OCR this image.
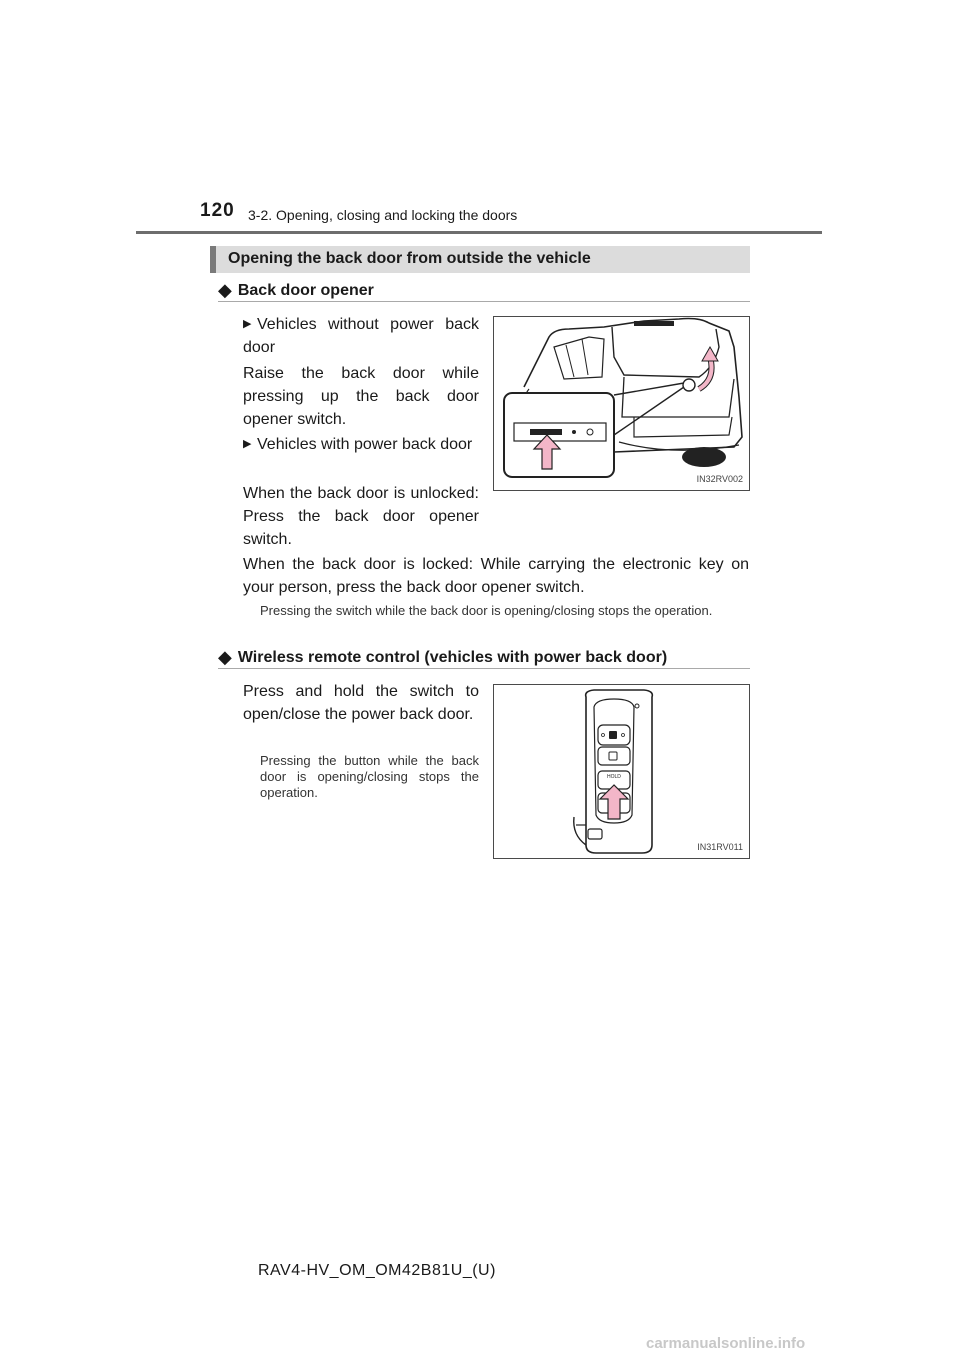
120 3-2. Opening, closing and locking the doors
Opening the back door from outside the vehicle
◆ Back door opener
▶ Vehicles without power back door
Raise the back door while pressing up the back door opener switch.
▶ Vehicles with power back door
When the back door is unlocked: Press the back door opener switch.
When the back door is locked: While carrying the electronic key on your person, press the back door opener switch.
Pressing the switch while the back door is opening/closing stops the operation.
IN32RV002
◆ Wireless remote control (vehicles with power back door)
Press and hold the switch to open/close the power back door.
Pressing the button while the back door is opening/closing stops the operation.
HOLD
IN31RV011
RAV4-HV_OM_OM42B81U_(U)
carmanualsonline.info
